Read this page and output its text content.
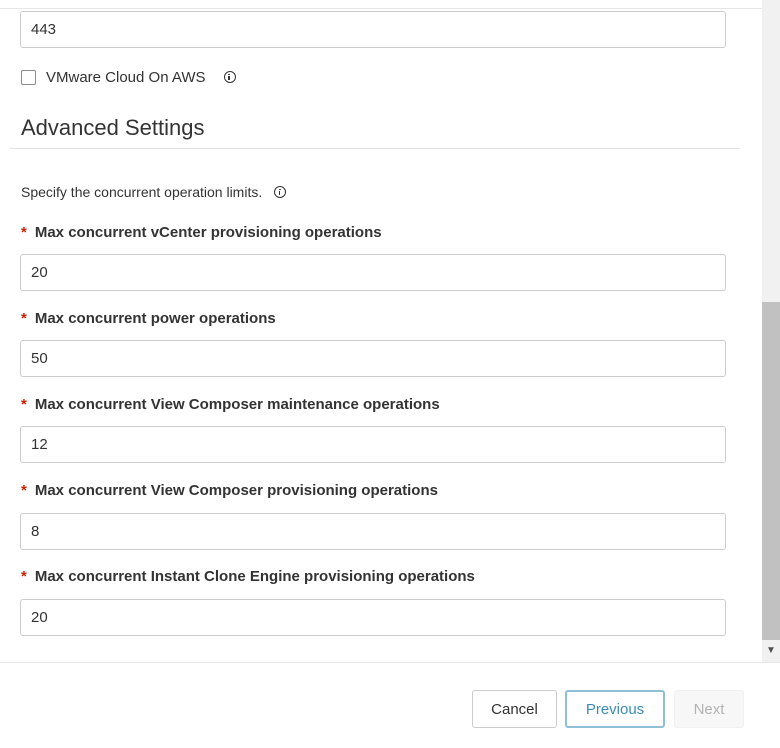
443
VMware Cloud On AWS
Advanced Settings
Specify the concurrent operation limits.
* Max concurrent vCenter provisioning operations
20
* Max concurrent power operations
50
* Max concurrent View Composer maintenance operations
12
* Max concurrent View Composer provisioning operations
8
* Max concurrent Instant Clone Engine provisioning operations
20
▼
Cancel	Previous	Next
